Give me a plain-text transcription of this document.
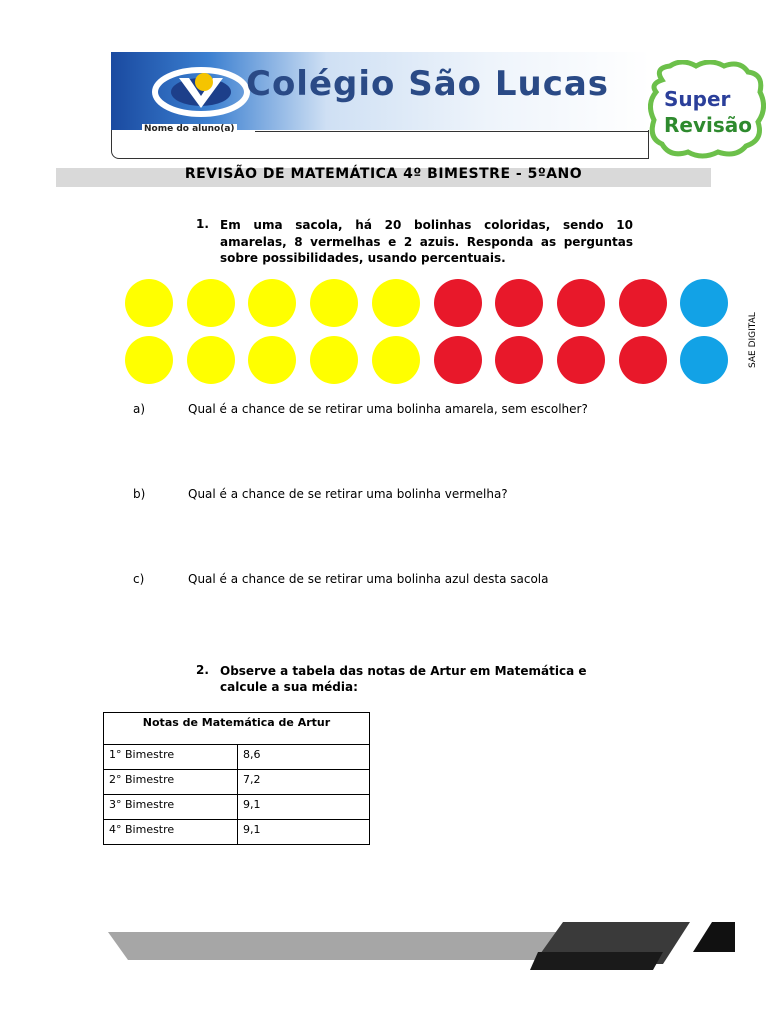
Colégio São Lucas
Nome do aluno(a)
Super
Revisão
REVISÃO DE MATEMÁTICA 4º BIMESTRE - 5ºANO
1. Em uma sacola, há 20 bolinhas coloridas, sendo 10 amarelas, 8 vermelhas e 2 azuis. Responda as perguntas sobre possibilidades, usando percentuais.
SAE DIGITAL
a)	Qual é a chance de se retirar uma bolinha amarela, sem escolher?
b)	Qual é a chance de se retirar uma bolinha vermelha?
c)	Qual é a chance de se retirar uma bolinha azul desta sacola
2. Observe a tabela das notas de Artur em Matemática e calcule a sua média:
Notas de Matemática de Artur	
1° Bimestre	8,6
2° Bimestre	7,2
3° Bimestre	9,1
4° Bimestre	9,1
